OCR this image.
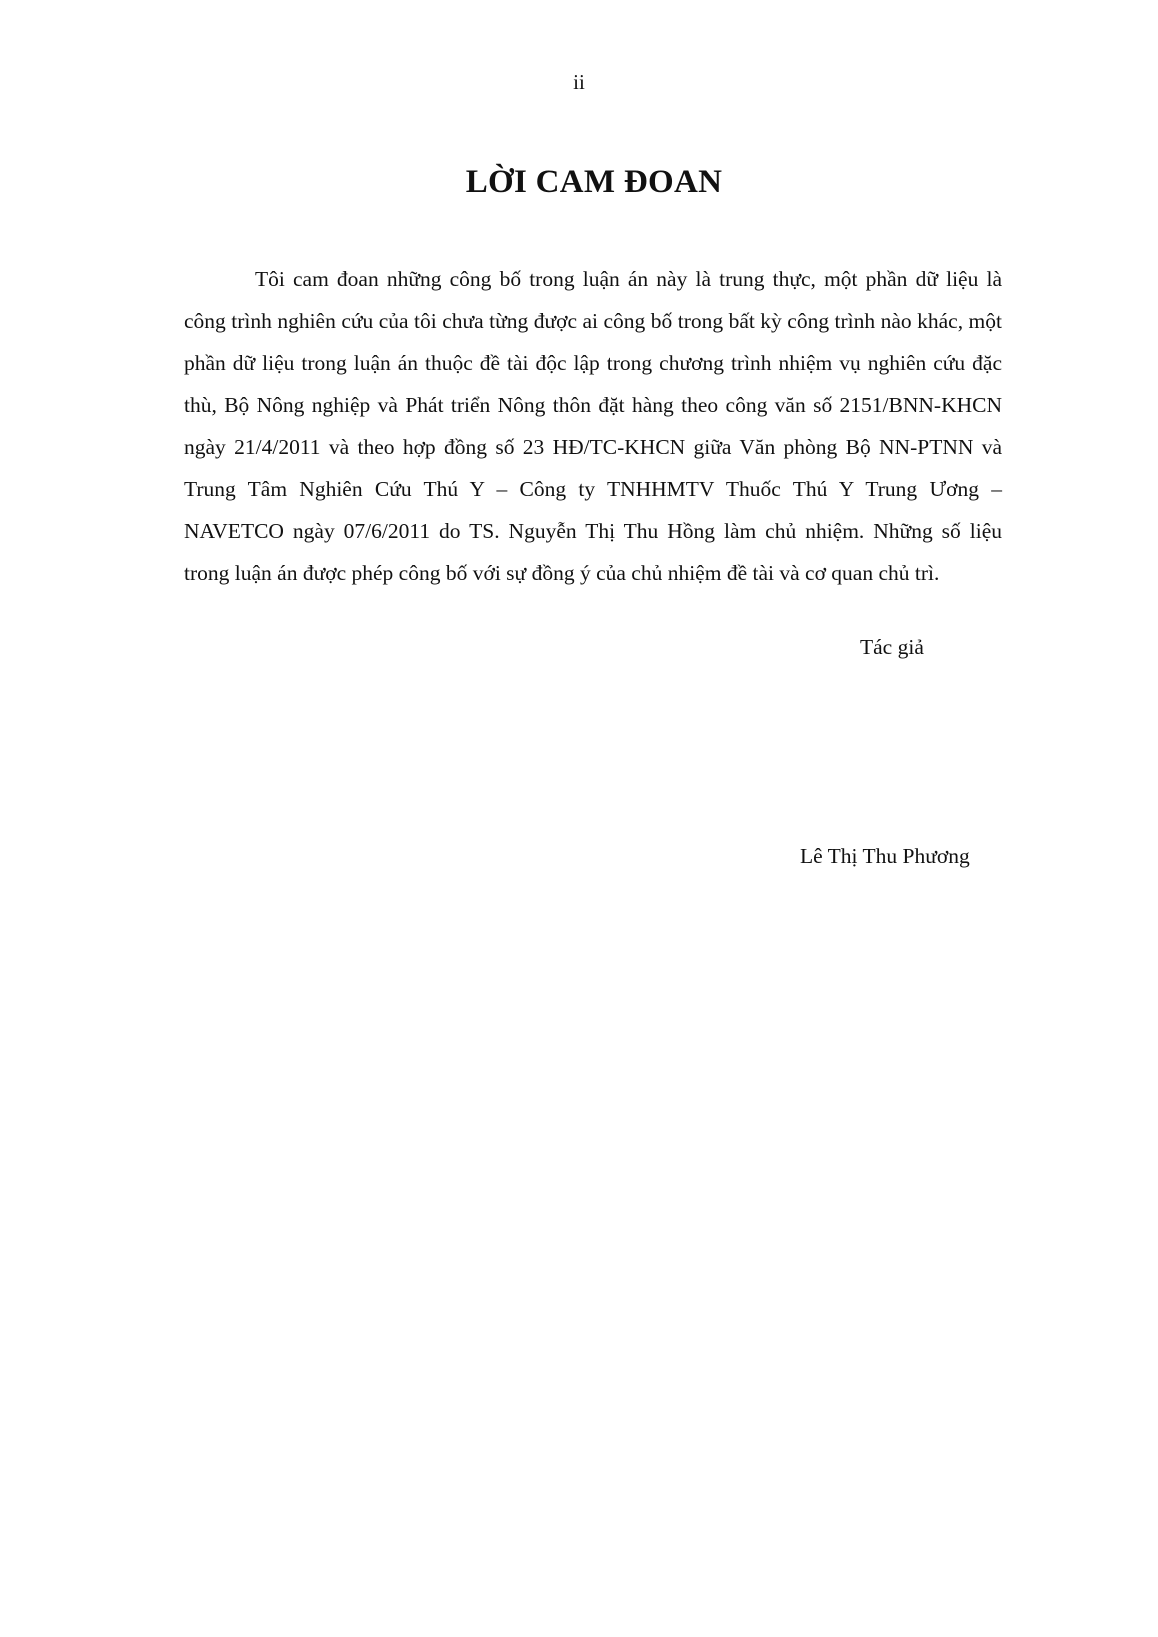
ii
LỜI CAM ĐOAN

Tôi cam đoan những công bố trong luận án này là trung thực, một phần dữ liệu là công trình nghiên cứu của tôi chưa từng được ai công bố trong bất kỳ công trình nào khác, một phần dữ liệu trong luận án thuộc đề tài độc lập trong chương trình nhiệm vụ nghiên cứu đặc thù, Bộ Nông nghiệp và Phát triển Nông thôn đặt hàng theo công văn số 2151/BNN-KHCN ngày 21/4/2011 và theo hợp đồng số 23 HĐ/TC-KHCN giữa Văn phòng Bộ NN-PTNN và Trung Tâm Nghiên Cứu Thú Y – Công ty TNHHMTV Thuốc Thú Y Trung Ương – NAVETCO ngày 07/6/2011 do TS. Nguyễn Thị Thu Hồng làm chủ nhiệm. Những số liệu trong luận án được phép công bố với sự đồng ý của chủ nhiệm đề tài và cơ quan chủ trì.

Tác giả
Lê Thị Thu Phương
